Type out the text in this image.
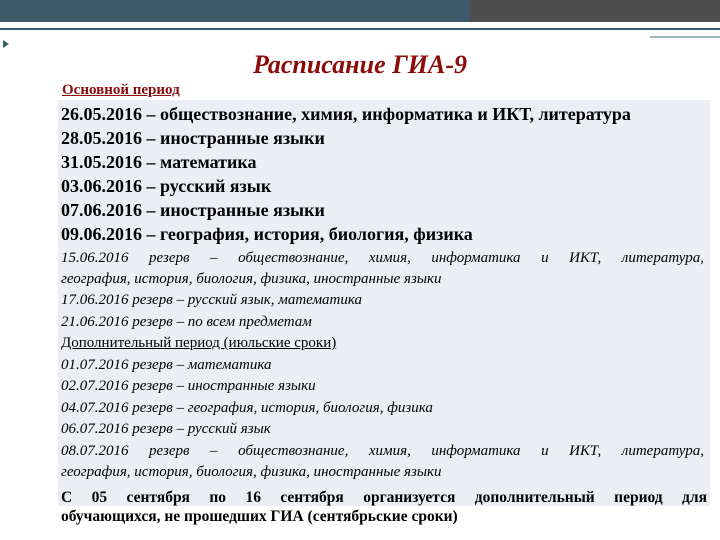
Расписание ГИА-9
Основной период
26.05.2016 – обществознание, химия, информатика и ИКТ, литература
28.05.2016 – иностранные языки
31.05.2016 – математика
03.06.2016 – русский язык
07.06.2016 – иностранные языки
09.06.2016 – география, история, биология, физика
15.06.2016 резерв – обществознание, химия, информатика и ИКТ, литература,
география, история, биология, физика, иностранные языки
17.06.2016 резерв – русский язык, математика
21.06.2016 резерв – по всем предметам
Дополнительный период (июльские сроки)
01.07.2016 резерв – математика
02.07.2016 резерв – иностранные языки
04.07.2016 резерв – география, история, биология, физика
06.07.2016 резерв – русский язык
08.07.2016 резерв – обществознание, химия, информатика и ИКТ, литература,
география, история, биология, физика, иностранные языки
С 05 сентября по 16 сентября организуется дополнительный период для
обучающихся, не прошедших ГИА (сентябрьские сроки)
